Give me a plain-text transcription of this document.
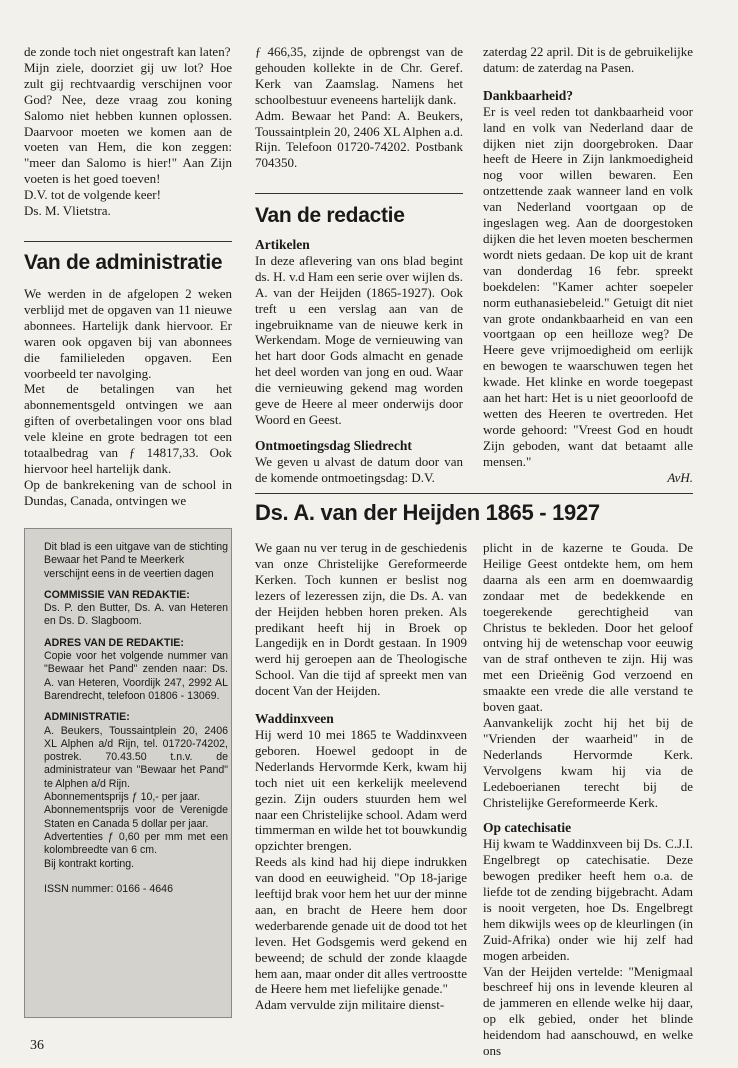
de zonde toch niet ongestraft kan laten?

Mijn ziele, doorziet gij uw lot? Hoe zult gij rechtvaardig verschijnen voor God? Nee, deze vraag zou koning Salomo niet hebben kunnen oplossen. Daarvoor moeten we komen aan de voeten van Hem, die kon zeggen: "meer dan Salomo is hier!" Aan Zijn voeten is het goed toeven!

D.V. tot de volgende keer!

Ds. M. Vlietstra.

Van de administratie

We werden in de afgelopen 2 weken verblijd met de opgaven van 11 nieuwe abonnees. Hartelijk dank hiervoor. Er waren ook opgaven bij van abonnees die familieleden opgaven. Een voorbeeld ter navolging.

Met de betalingen van het abonnementsgeld ontvingen we aan giften of overbetalingen voor ons blad vele kleine en grote bedragen tot een totaalbedrag van ƒ 14817,33. Ook hiervoor heel hartelijk dank.

Op de bankrekening van de school in Dundas, Canada, ontvingen we

ƒ 466,35, zijnde de opbrengst van de gehouden kollekte in de Chr. Geref. Kerk van Zaamslag. Namens het schoolbestuur eveneens hartelijk dank.

Adm. Bewaar het Pand: A. Beukers, Toussaintplein 20, 2406 XL Alphen a.d. Rijn. Telefoon 01720-74202. Postbank 704350.

Van de redactie

Artikelen

In deze aflevering van ons blad begint ds. H. v.d Ham een serie over wijlen ds. A. van der Heijden (1865-1927). Ook treft u een verslag aan van de ingebruikname van de nieuwe kerk in Werkendam. Moge de vernieuwing van het hart door Gods almacht en genade het deel worden van jong en oud. Waar die vernieuwing gekend mag worden geve de Heere al meer onderwijs door Woord en Geest.

Ontmoetingsdag Sliedrecht

We geven u alvast de datum door van de komende ontmoetingsdag: D.V.

zaterdag 22 april. Dit is de gebruikelijke datum: de zaterdag na Pasen.

Dankbaarheid?

Er is veel reden tot dankbaarheid voor land en volk van Nederland daar de dijken niet zijn doorgebroken. Daar heeft de Heere in Zijn lankmoedigheid nog voor willen bewaren. Een ontzettende zaak wanneer land en volk van Nederland voortgaan op de ingeslagen weg. Aan de doorgestoken dijken die het leven moeten beschermen wordt niets gedaan. De kop uit de krant van donderdag 16 febr. spreekt boekdelen: "Kamer achter soepeler norm euthanasiebeleid." Getuigt dit niet van grote ondankbaarheid en van een voortgaan op een heilloze weg? De Heere geve vrijmoedigheid om eerlijk en bewogen te waarschuwen tegen het kwade. Het klinke en worde toegepast aan het hart: Het is u niet geoorloofd de wetten des Heeren te overtreden. Het worde gehoord: "Vreest God en houdt Zijn geboden, want dat betaamt alle mensen."

AvH.

Ds. A. van der Heijden 1865 - 1927

We gaan nu ver terug in de geschiedenis van onze Christelijke Gereformeerde Kerken. Toch kunnen er beslist nog lezers of lezeressen zijn, die Ds. A. van der Heijden hebben horen preken. Als predikant heeft hij in Broek op Langedijk en in Dordt gestaan. In 1909 werd hij geroepen aan de Theologische School. Van die tijd af spreekt men van docent Van der Heijden.

Waddinxveen

Hij werd 10 mei 1865 te Waddinxveen geboren. Hoewel gedoopt in de Nederlands Hervormde Kerk, kwam hij toch niet uit een kerkelijk meelevend gezin. Zijn ouders stuurden hem wel naar een Christelijke school. Adam werd timmerman en wilde het tot bouwkundig opzichter brengen.

Reeds als kind had hij diepe indrukken van dood en eeuwigheid. "Op 18-jarige leeftijd brak voor hem het uur der minne aan, en bracht de Heere hem door wederbarende genade uit de dood tot het leven. Het Godsgemis werd gekend en beweend; de schuld der zonde klaagde hem aan, maar onder dit alles vertroostte de Heere hem met liefelijke genade."

Adam vervulde zijn militaire dienst-

plicht in de kazerne te Gouda. De Heilige Geest ontdekte hem, om hem daarna als een arm en doemwaardig zondaar met de bedekkende en toegerekende gerechtigheid van Christus te bekleden. Door het geloof ontving hij de wetenschap voor eeuwig van de straf ontheven te zijn. Hij was met een Drieënig God verzoend en smaakte een vrede die alle verstand te boven gaat.

Aanvankelijk zocht hij het bij de "Vrienden der waarheid" in de Nederlands Hervormde Kerk. Vervolgens kwam hij via de Ledeboerianen terecht bij de Christelijke Gereformeerde Kerk.

Op catechisatie

Hij kwam te Waddinxveen bij Ds. C.J.I. Engelbregt op catechisatie. Deze bewogen prediker heeft hem o.a. de liefde tot de zending bijgebracht. Adam is nooit vergeten, hoe Ds. Engelbregt hem dikwijls wees op de kleurlingen (in Zuid-Afrika) onder wie hij zelf had mogen arbeiden.

Van der Heijden vertelde: "Menigmaal beschreef hij ons in levende kleuren al de jammeren en ellende welke hij daar, op elk gebied, onder het blinde heidendom had aanschouwd, en welke ons

Dit blad is een uitgave van de stichting Bewaar het Pand te Meerkerk

verschijnt eens in de veertien dagen

COMMISSIE VAN REDAKTIE:

Ds. P. den Butter, Ds. A. van Heteren en Ds. D. Slagboom.

ADRES VAN DE REDAKTIE:

Copie voor het volgende nummer van "Bewaar het Pand" zenden naar: Ds. A. van Heteren, Voordijk 247, 2992 AL Barendrecht, telefoon 01806 - 13069.

ADMINISTRATIE:

A. Beukers, Toussaintplein 20, 2406 XL Alphen a/d Rijn, tel. 01720-74202, postrek. 70.43.50 t.n.v. de administrateur van "Bewaar het Pand" te Alphen a/d Rijn.

Abonnementsprijs ƒ 10,- per jaar.

Abonnementsprijs voor de Verenigde Staten en Canada 5 dollar per jaar.

Advertenties ƒ 0,60 per mm met een kolombreedte van 6 cm.

Bij kontrakt korting.

ISSN nummer: 0166 - 4646

36
